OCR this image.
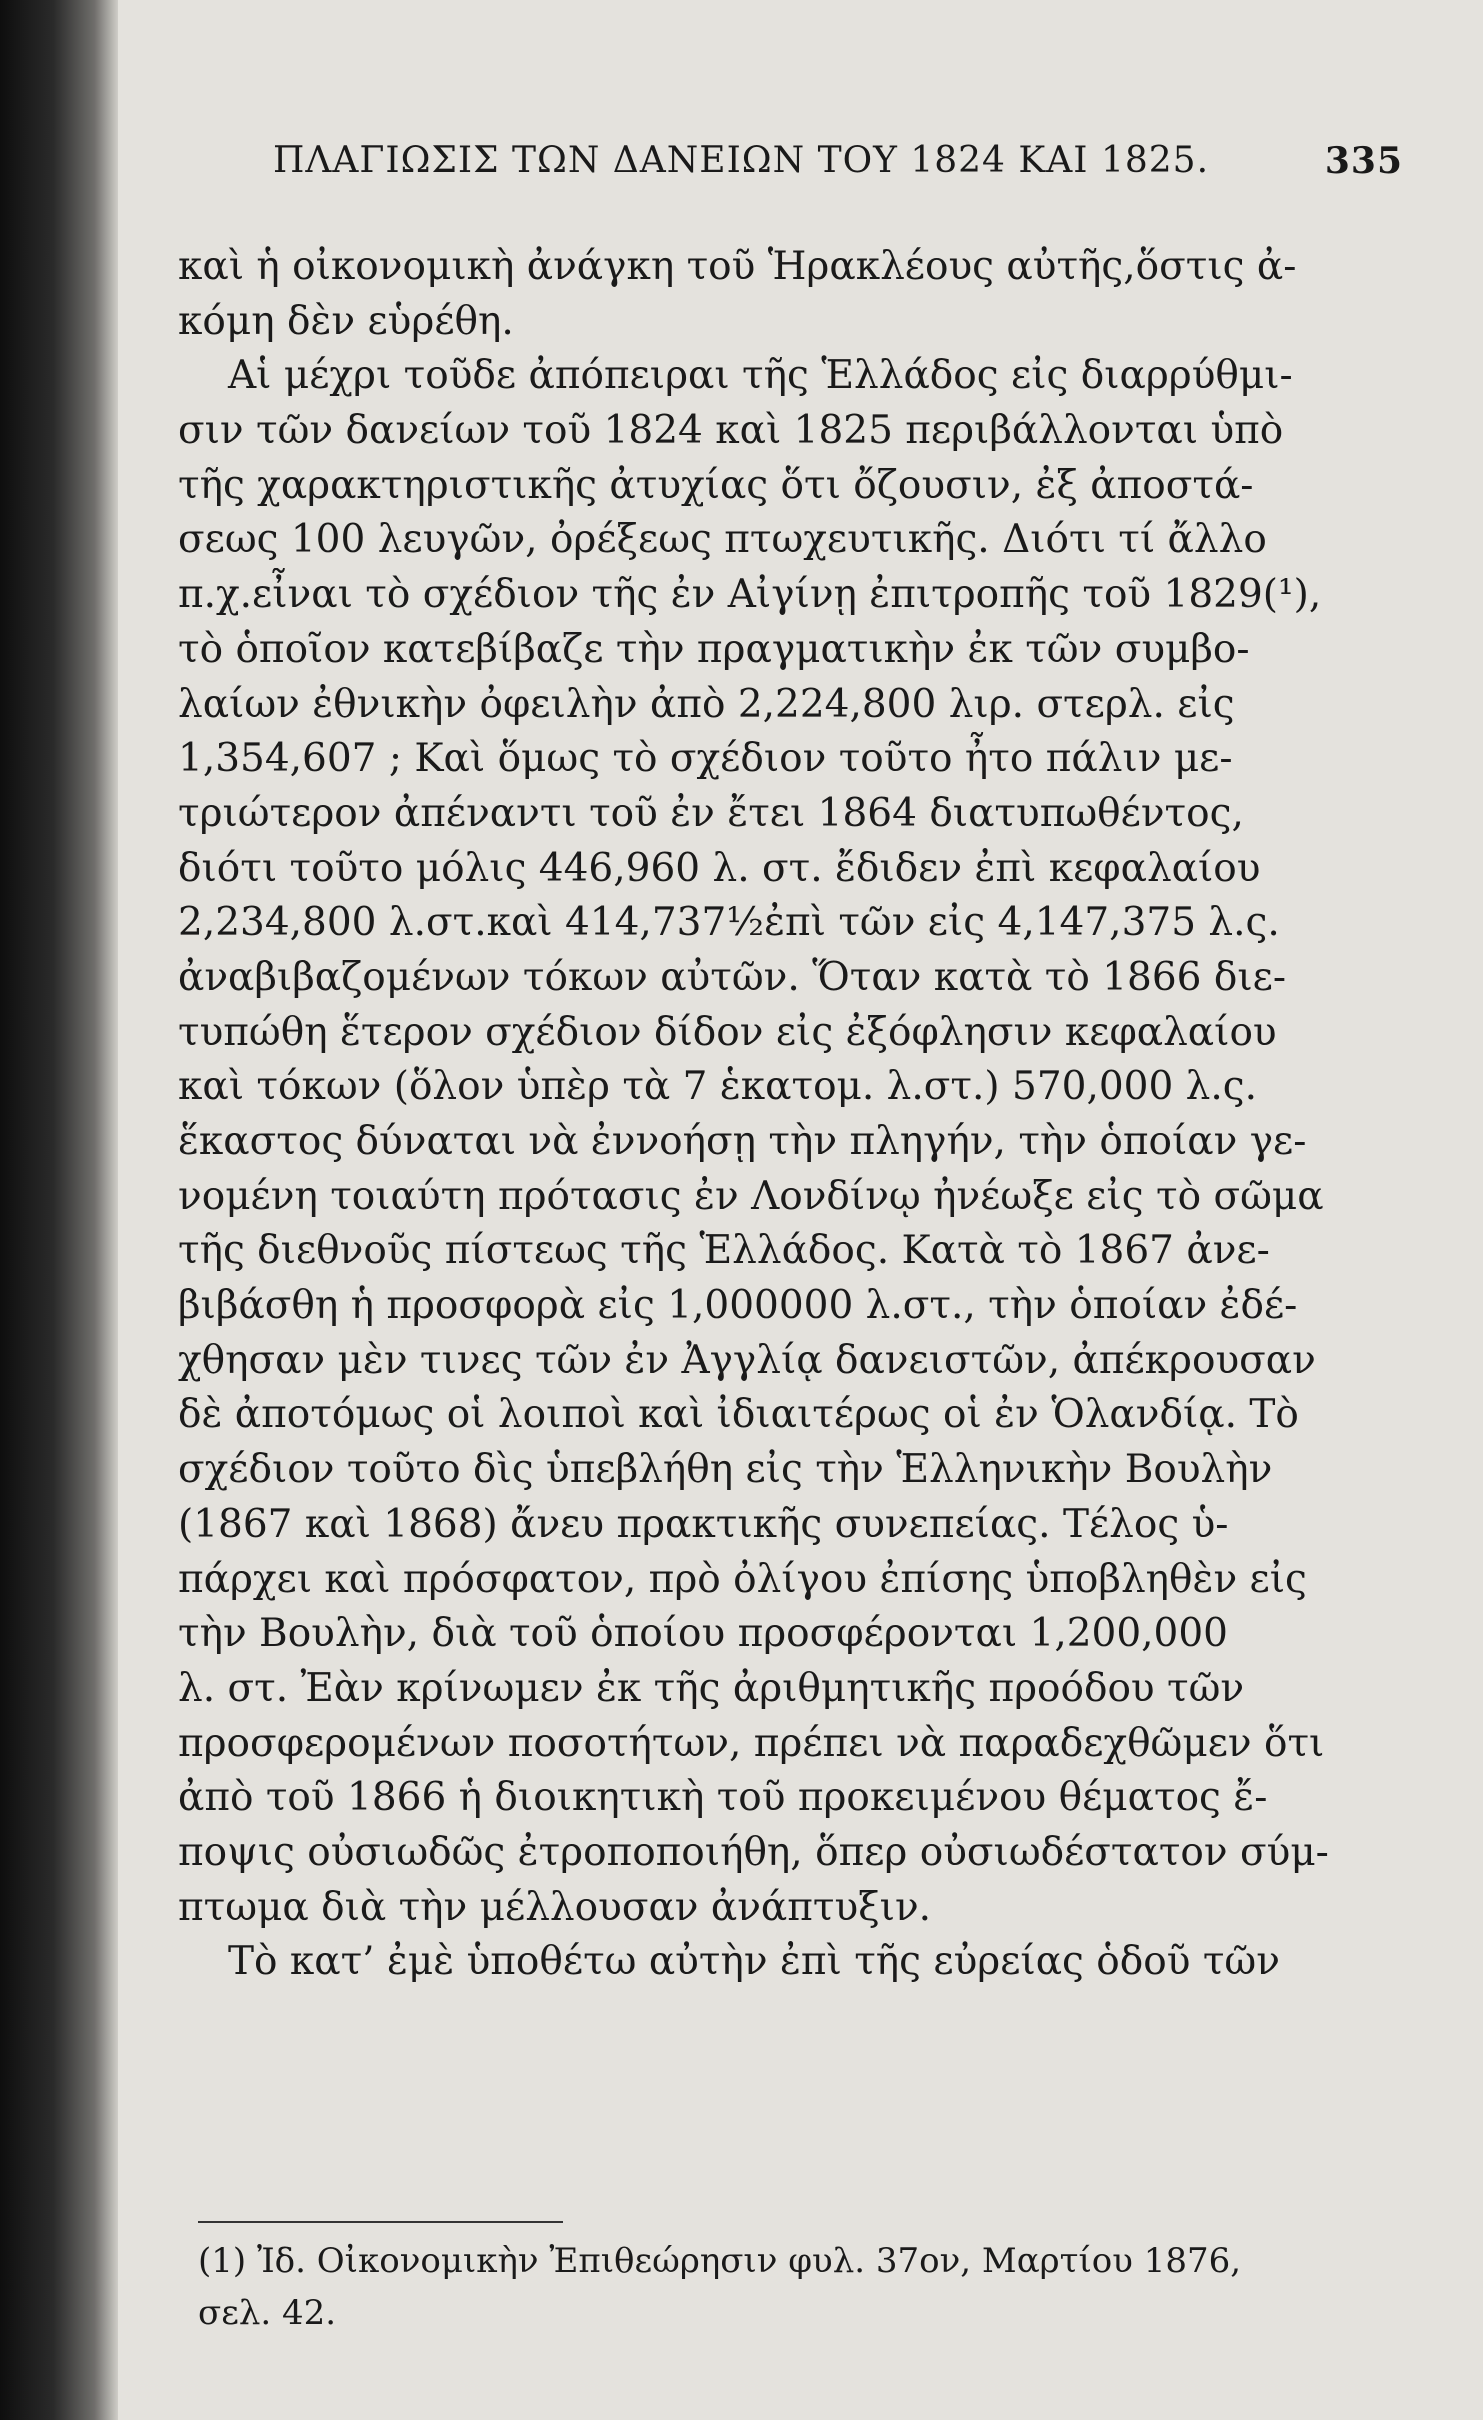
ΠΛΑΓΙΩΣΙΣ ΤΩΝ ΔΑΝΕΙΩΝ ΤΟΥ 1824 ΚΑΙ 1825.	335
καὶ ἡ οἰκονομικὴ ἀνάγκη τοῦ Ἡρακλέους αὐτῆς,ὅστις ἀ-
κόμη δὲν εὑρέθη.
Αἱ μέχρι τοῦδε ἀπόπειραι τῆς Ἑλλάδος εἰς διαρρύθμι-
σιν τῶν δανείων τοῦ 1824 καὶ 1825 περιβάλλονται ὑπὸ
τῆς χαρακτηριστικῆς ἀτυχίας ὅτι ὄζουσιν, ἐξ ἀποστά-
σεως 100 λευγῶν, ὀρέξεως πτωχευτικῆς. Διότι τί ἄλλο
π.χ.εἶναι τὸ σχέδιον τῆς ἐν Αἰγίνῃ ἐπιτροπῆς τοῦ 1829(¹),
τὸ ὁποῖον κατεβίβαζε τὴν πραγματικὴν ἐκ τῶν συμβο-
λαίων ἐθνικὴν ὀφειλὴν ἀπὸ 2,224,800 λιρ. στερλ. εἰς
1,354,607 ; Καὶ ὅμως τὸ σχέδιον τοῦτο ἦτο πάλιν με-
τριώτερον ἀπέναντι τοῦ ἐν ἔτει 1864 διατυπωθέντος,
διότι τοῦτο μόλις 446,960 λ. στ. ἔδιδεν ἐπὶ κεφαλαίου
2,234,800 λ.στ.καὶ 414,737½ἐπὶ τῶν εἰς 4,147,375 λ.ς.
ἀναβιβαζομένων τόκων αὐτῶν. Ὅταν κατὰ τὸ 1866 διε-
τυπώθη ἕτερον σχέδιον δίδον εἰς ἐξόφλησιν κεφαλαίου
καὶ τόκων (ὅλον ὑπὲρ τὰ 7 ἑκατομ. λ.στ.) 570,000 λ.ς.
ἕκαστος δύναται νὰ ἐννοήσῃ τὴν πληγήν, τὴν ὁποίαν γε-
νομένη τοιαύτη πρότασις ἐν Λονδίνῳ ἠνέωξε εἰς τὸ σῶμα
τῆς διεθνοῦς πίστεως τῆς Ἑλλάδος. Κατὰ τὸ 1867 ἀνε-
βιβάσθη ἡ προσφορὰ εἰς 1,000000 λ.στ., τὴν ὁποίαν ἐδέ-
χθησαν μὲν τινες τῶν ἐν Ἀγγλίᾳ δανειστῶν, ἀπέκρουσαν
δὲ ἀποτόμως οἱ λοιποὶ καὶ ἰδιαιτέρως οἱ ἐν Ὁλανδίᾳ. Τὸ
σχέδιον τοῦτο δὶς ὑπεβλήθη εἰς τὴν Ἑλληνικὴν Βουλὴν
(1867 καὶ 1868) ἄνευ πρακτικῆς συνεπείας. Τέλος ὑ-
πάρχει καὶ πρόσφατον, πρὸ ὀλίγου ἐπίσης ὑποβληθὲν εἰς
τὴν Βουλὴν, διὰ τοῦ ὁποίου προσφέρονται 1,200,000
λ. στ. Ἐὰν κρίνωμεν ἐκ τῆς ἀριθμητικῆς προόδου τῶν
προσφερομένων ποσοτήτων, πρέπει νὰ παραδεχθῶμεν ὅτι
ἀπὸ τοῦ 1866 ἡ διοικητικὴ τοῦ προκειμένου θέματος ἔ-
ποψις οὐσιωδῶς ἐτροποποιήθη, ὅπερ οὐσιωδέστατον σύμ-
πτωμα διὰ τὴν μέλλουσαν ἀνάπτυξιν.
Τὸ κατ’ ἐμὲ ὑποθέτω αὐτὴν ἐπὶ τῆς εὐρείας ὁδοῦ τῶν
(1) Ἰδ. Οἰκονομικὴν Ἐπιθεώρησιν φυλ. 37ον, Μαρτίου 1876,
σελ. 42.
